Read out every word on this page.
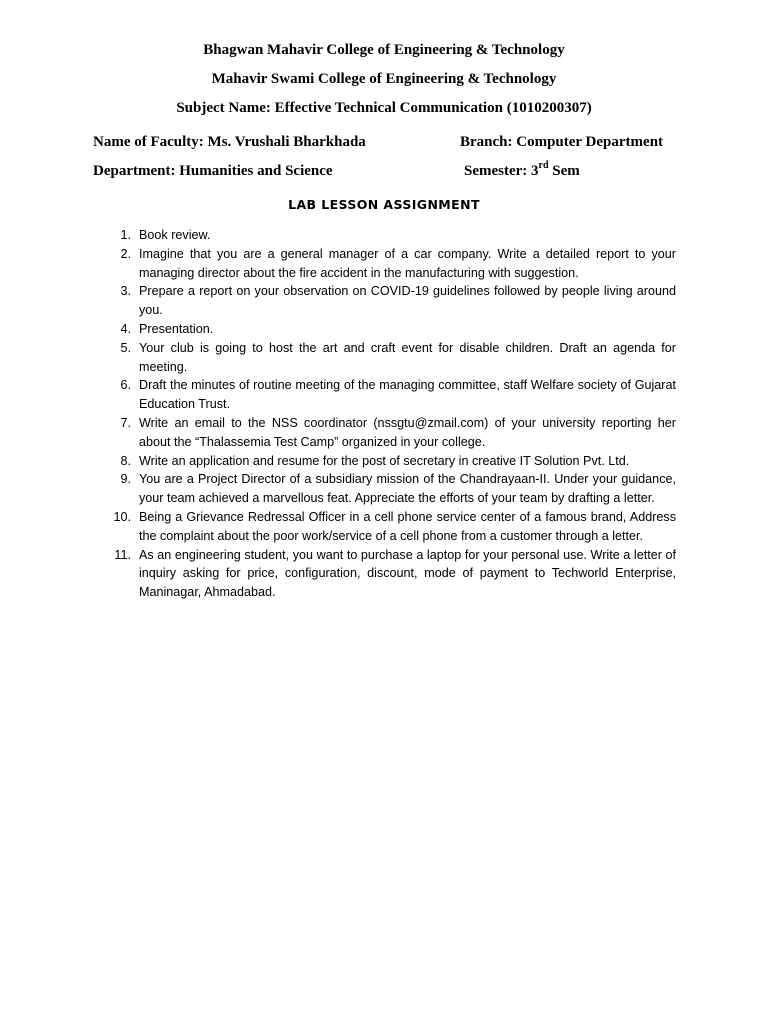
Bhagwan Mahavir College of Engineering & Technology
Mahavir Swami College of Engineering & Technology
Subject Name: Effective Technical Communication (1010200307)
Name of Faculty: Ms. Vrushali Bharkhada	Branch: Computer Department
Department: Humanities and Science	Semester: 3rd Sem
LAB LESSON ASSIGNMENT
1. Book review.
2. Imagine that you are a general manager of a car company. Write a detailed report to your managing director about the fire accident in the manufacturing with suggestion.
3. Prepare a report on your observation on COVID-19 guidelines followed by people living around you.
4. Presentation.
5. Your club is going to host the art and craft event for disable children. Draft an agenda for meeting.
6. Draft the minutes of routine meeting of the managing committee, staff Welfare society of Gujarat Education Trust.
7. Write an email to the NSS coordinator (nssgtu@zmail.com) of your university reporting her about the “Thalassemia Test Camp” organized in your college.
8. Write an application and resume for the post of secretary in creative IT Solution Pvt. Ltd.
9. You are a Project Director of a subsidiary mission of the Chandrayaan-II. Under your guidance, your team achieved a marvellous feat. Appreciate the efforts of your team by drafting a letter.
10. Being a Grievance Redressal Officer in a cell phone service center of a famous brand, Address the complaint about the poor work/service of a cell phone from a customer through a letter.
11. As an engineering student, you want to purchase a laptop for your personal use. Write a letter of inquiry asking for price, configuration, discount, mode of payment to Techworld Enterprise, Maninagar, Ahmadabad.
